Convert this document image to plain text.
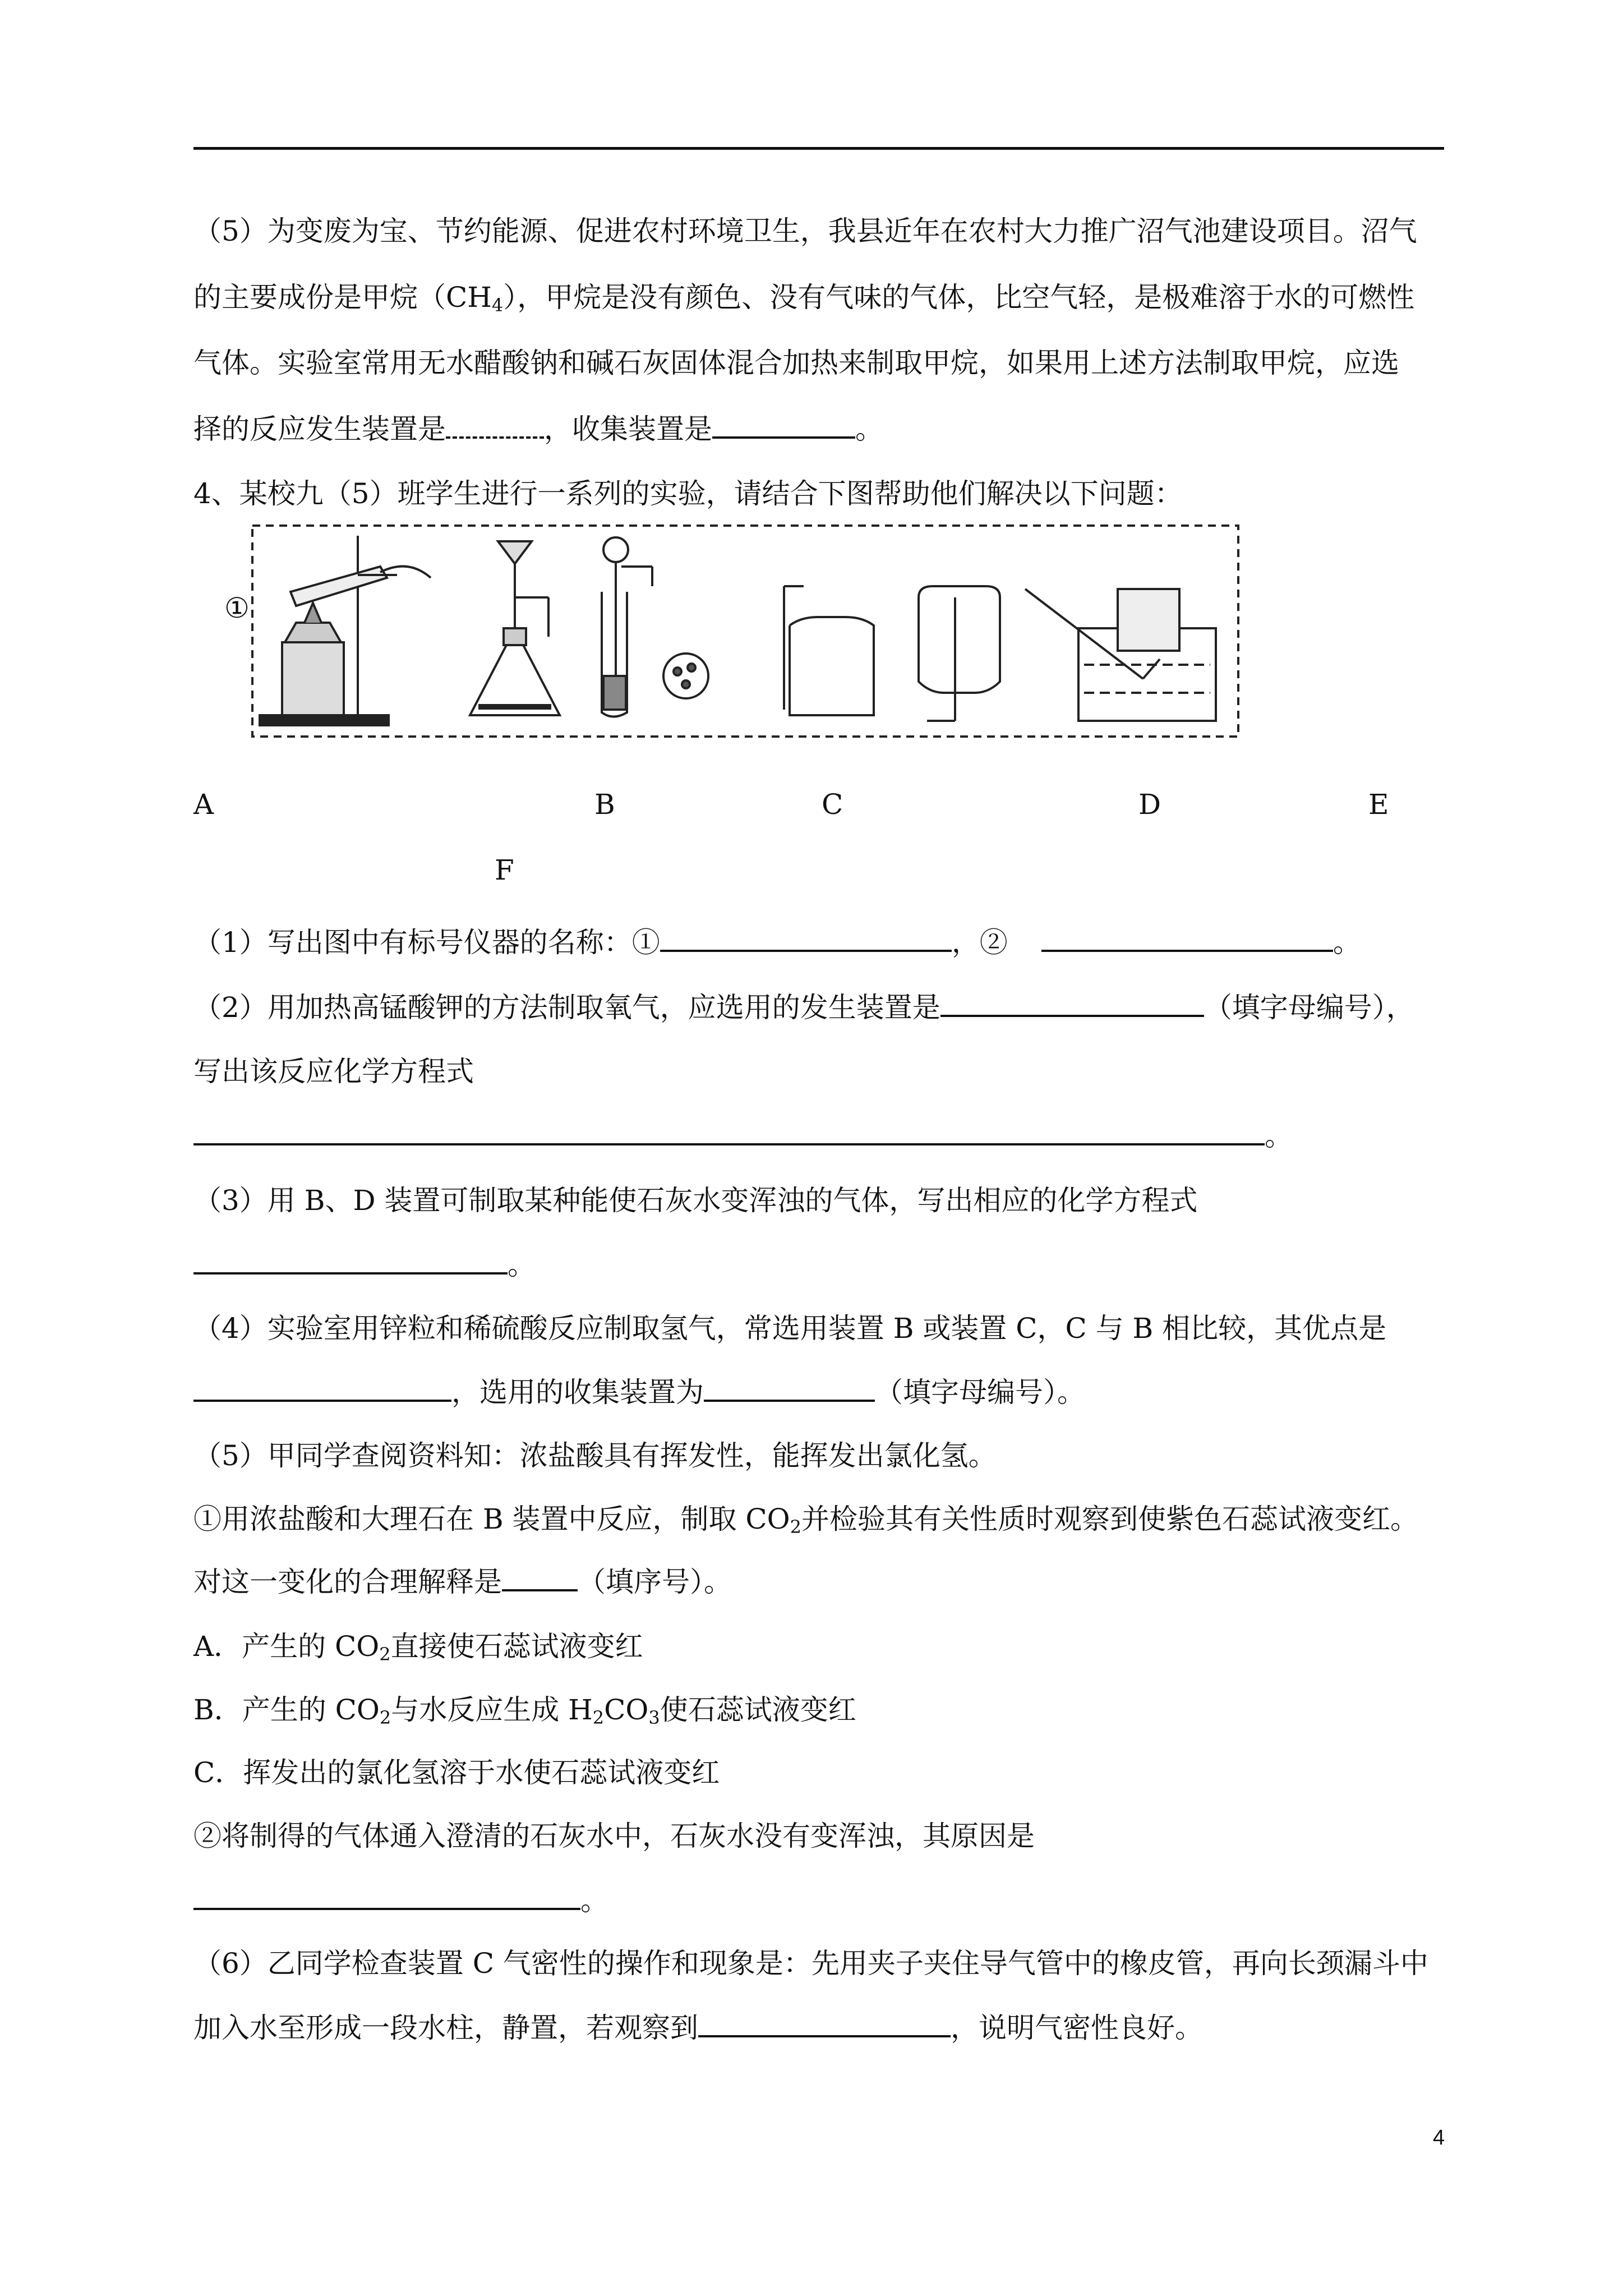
（5）为变废为宝、节约能源、促进农村环境卫生，我县近年在农村大力推广沼气池建设项目。沼气
的主要成份是甲烷$(CH_4)$，甲烷是没有颜色、没有气味的气体，比空气轻，是极难溶于水的可燃性
气体。实验室常用无水醋酸钠和碱石灰固体混合加热来制取甲烷，如果用上述方法制取甲烷，应选
择的反应发生装置是	，收集装置是	。
4、某校九（5）班学生进行一系列的实验，请结合下图帮助他们解决以下问题：
①
A	B	C	D	E
F
（1）写出图中有标号仪器的名称：①	，②	。
（2）用加热高锰酸钾的方法制取氧气，应选用的发生装置是	（填字母编号），
写出该反应化学方程式
。
（3）用 B、D 装置可制取某种能使石灰水变浑浊的气体，写出相应的化学方程式
。
（4）实验室用锌粒和稀硫酸反应制取氢气，常选用装置 B 或装置 C，C 与 B 相比较，其优点是
，选用的收集装置为	（填字母编号）。
（5）甲同学查阅资料知：浓盐酸具有挥发性，能挥发出氯化氢。
①用浓盐酸和大理石在 B 装置中反应，制取 $CO_2$并检验其有关性质时观察到使紫色石蕊试液变红。
对这一变化的合理解释是	（填序号）。
A．产生的 $CO_2$直接使石蕊试液变红
B．产生的 $CO_2$与水反应生成 $H_2CO_3$使石蕊试液变红
C．挥发出的氯化氢溶于水使石蕊试液变红
②将制得的气体通入澄清的石灰水中，石灰水没有变浑浊，其原因是
。
（6）乙同学检查装置 C 气密性的操作和现象是：先用夹子夹住导气管中的橡皮管，再向长颈漏斗中
加入水至形成一段水柱，静置，若观察到	，说明气密性良好。
4
